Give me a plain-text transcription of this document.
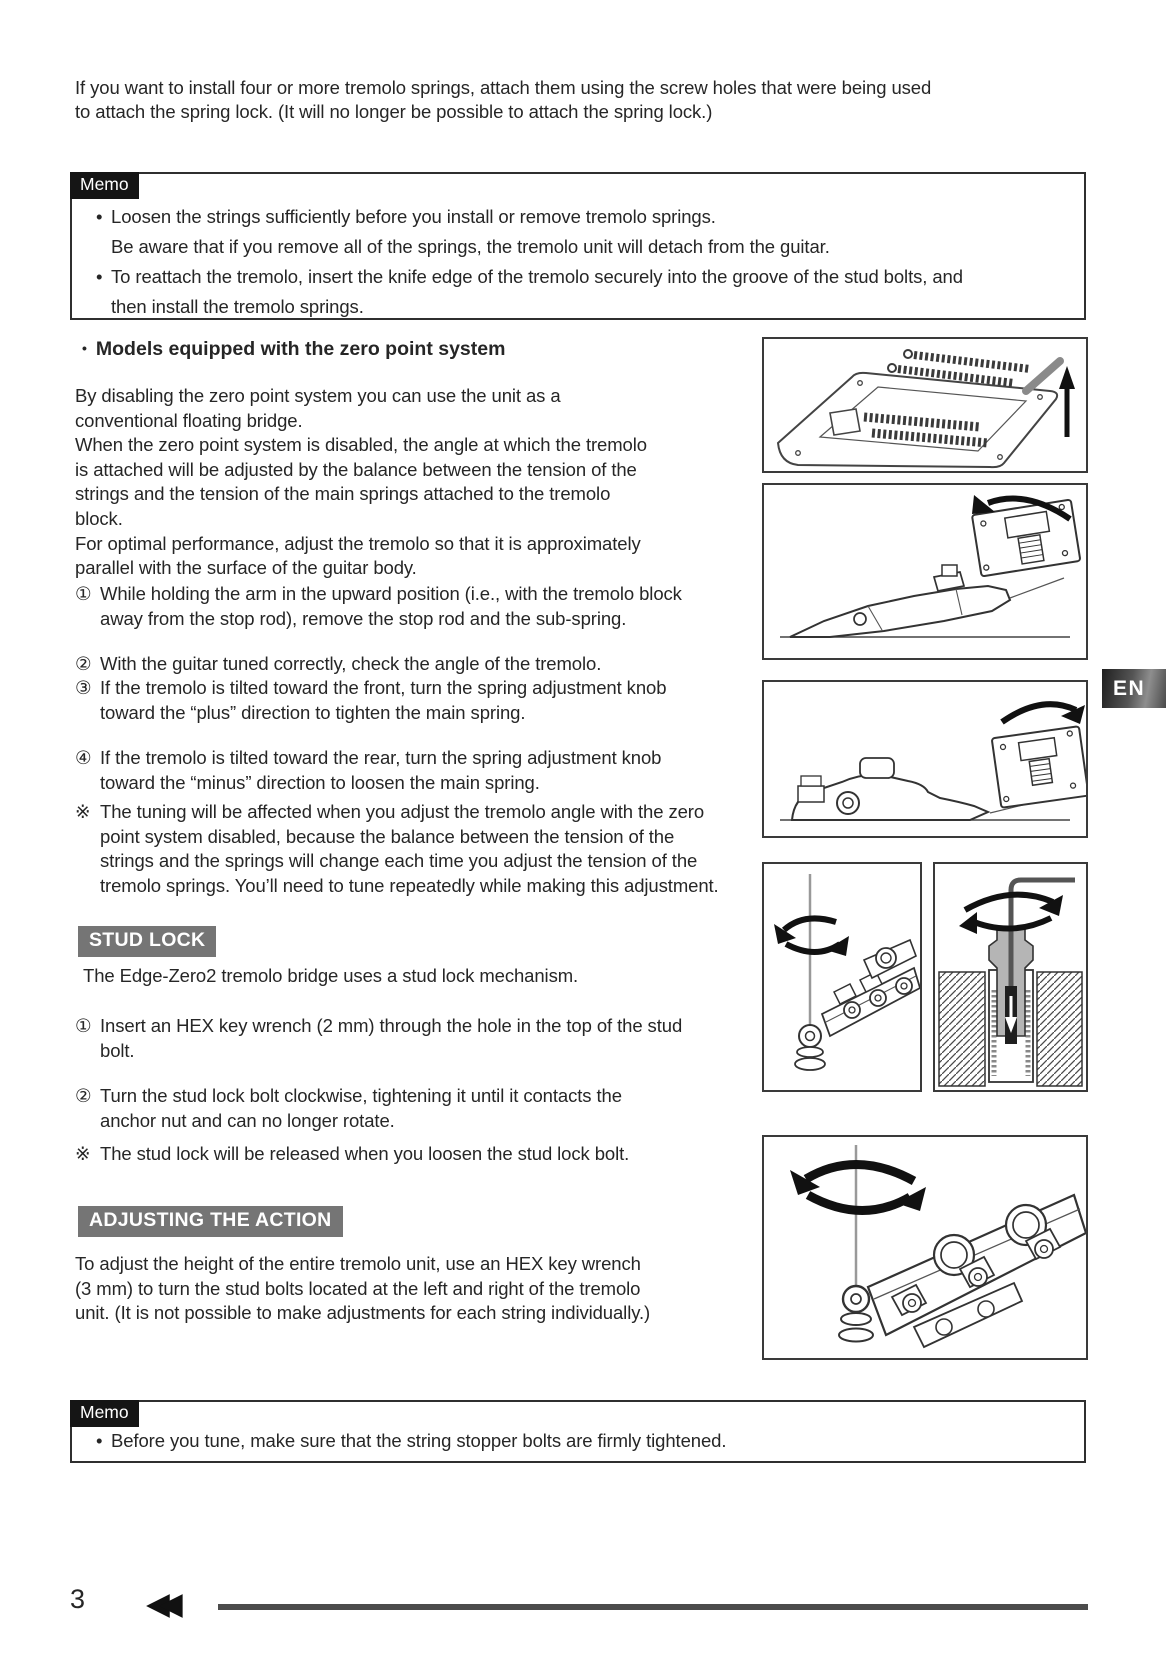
If you want to install four or more tremolo springs, attach them using the screw holes that were being used
to attach the spring lock. (It will no longer be possible to attach the spring lock.)
Memo
• Loosen the strings sufficiently before you install or remove tremolo springs.
Be aware that if you remove all of the springs, the tremolo unit will detach from the guitar.
• To reattach the tremolo, insert the knife edge of the tremolo securely into the groove of the stud bolts, and
then install the tremolo springs.
• Models equipped with the zero point system
By disabling the zero point system you can use the unit as a
conventional floating bridge.
When the zero point system is disabled, the angle at which the tremolo
is attached will be adjusted by the balance between the tension of the
strings and the tension of the main springs attached to the tremolo
block.
For optimal performance, adjust the tremolo so that it is approximately
parallel with the surface of the guitar body.
① While holding the arm in the upward position (i.e., with the tremolo block
away from the stop rod), remove the stop rod and the sub-spring.
② With the guitar tuned correctly, check the angle of the tremolo.
③ If the tremolo is tilted toward the front, turn the spring adjustment knob
toward the “plus” direction to tighten the main spring.
④ If the tremolo is tilted toward the rear, turn the spring adjustment knob
toward the “minus” direction to loosen the main spring.
※ The tuning will be affected when you adjust the tremolo angle with the zero
point system disabled, because the balance between the tension of the
strings and the springs will change each time you adjust the tension of the
tremolo springs. You’ll need to tune repeatedly while making this adjustment.
STUD LOCK
The Edge-Zero2 tremolo bridge uses a stud lock mechanism.
① Insert an HEX key wrench (2 mm) through the hole in the top of the stud
bolt.
② Turn the stud lock bolt clockwise, tightening it until it contacts the
anchor nut and can no longer rotate.
※ The stud lock will be released when you loosen the stud lock bolt.
ADJUSTING THE ACTION
To adjust the height of the entire tremolo unit, use an HEX key wrench
(3 mm) to turn the stud bolts located at the left and right of the tremolo
unit. (It is not possible to make adjustments for each string individually.)
Memo
• Before you tune, make sure that the string stopper bolts are firmly tightened.
EN
3 ◀◀
